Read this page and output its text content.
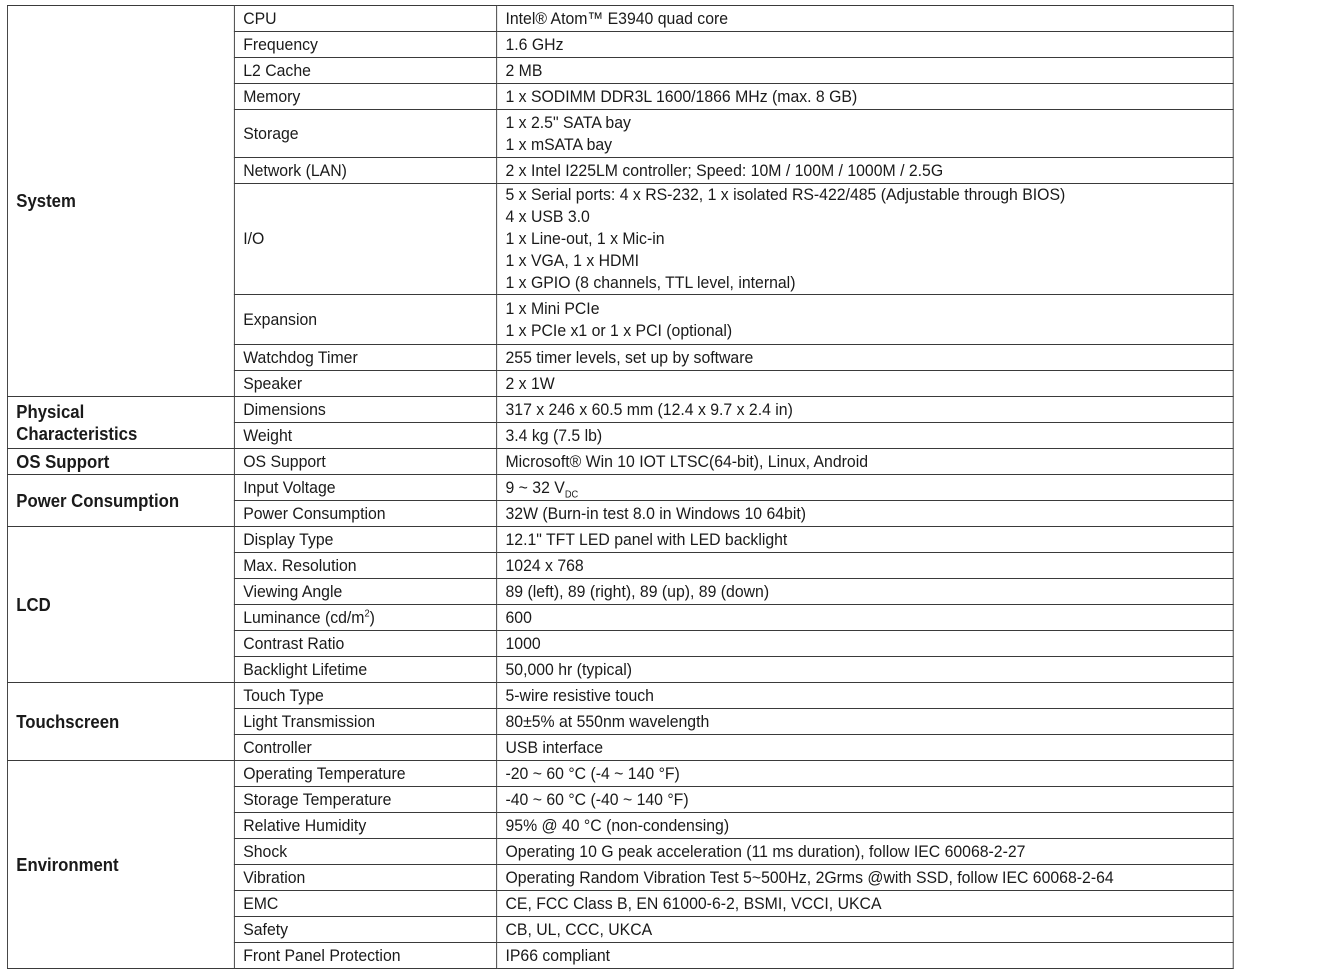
System	CPU	Intel® Atom™ E3940 quad core

	Frequency	1.6 GHz

	L2 Cache	2 MB

	Memory	1 x SODIMM DDR3L 1600/1866 MHz (max. 8 GB)

	Storage	1 x 2.5" SATA bay
1 x mSATA bay

	Network (LAN)	2 x Intel I225LM controller; Speed: 10M / 100M / 1000M / 2.5G

	I/O	5 x Serial ports: 4 x RS-232, 1 x isolated RS-422/485 (Adjustable through BIOS)
4 x USB 3.0
1 x Line-out, 1 x Mic-in
1 x VGA, 1 x HDMI
1 x GPIO (8 channels, TTL level, internal)

	Expansion	1 x Mini PCIe
1 x PCIe x1 or 1 x PCI (optional)

	Watchdog Timer	255 timer levels, set up by software

	Speaker	2 x 1W

Physical
Characteristics	Dimensions	317 x 246 x 60.5 mm (12.4 x 9.7 x 2.4 in)

	Weight	3.4 kg (7.5 lb)

OS Support	OS Support	Microsoft® Win 10 IOT LTSC(64-bit), Linux, Android

Power Consumption	Input Voltage	9 ~ 32 $V_{DC}$

	Power Consumption	32W (Burn-in test 8.0 in Windows 10 64bit)

LCD	Display Type	12.1" TFT LED panel with LED backlight

	Max. Resolution	1024 x 768

	Viewing Angle	89 (left), 89 (right), 89 (up), 89 (down)

	Luminance $(cd/m^2)$	600

	Contrast Ratio	1000

	Backlight Lifetime	50,000 hr (typical)

Touchscreen	Touch Type	5-wire resistive touch

	Light Transmission	80±5% at 550nm wavelength

	Controller	USB interface

Environment	Operating Temperature	-20 ~ 60 °C (-4 ~ 140 °F)

	Storage Temperature	-40 ~ 60 °C (-40 ~ 140 °F)

	Relative Humidity	95% @ 40 °C (non-condensing)

	Shock	Operating 10 G peak acceleration (11 ms duration), follow IEC 60068-2-27

	Vibration	Operating Random Vibration Test 5~500Hz, 2Grms @with SSD, follow IEC 60068-2-64

	EMC	CE, FCC Class B, EN 61000-6-2, BSMI, VCCI, UKCA

	Safety	CB, UL, CCC, UKCA

	Front Panel Protection	IP66 compliant
